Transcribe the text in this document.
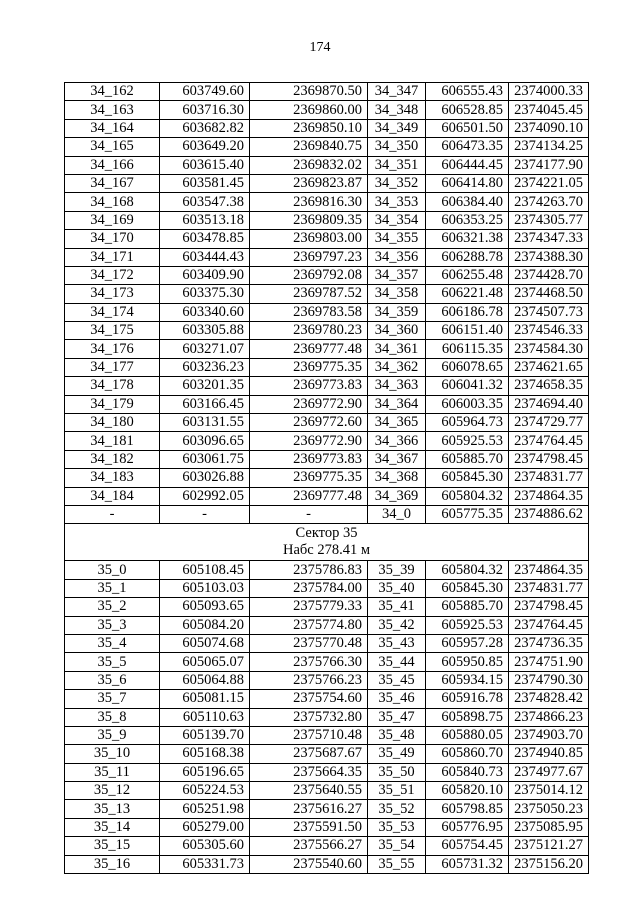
174
34_162	603749.60	2369870.50	34_347	606555.43	2374000.33
34_163	603716.30	2369860.00	34_348	606528.85	2374045.45
34_164	603682.82	2369850.10	34_349	606501.50	2374090.10
34_165	603649.20	2369840.75	34_350	606473.35	2374134.25
34_166	603615.40	2369832.02	34_351	606444.45	2374177.90
34_167	603581.45	2369823.87	34_352	606414.80	2374221.05
34_168	603547.38	2369816.30	34_353	606384.40	2374263.70
34_169	603513.18	2369809.35	34_354	606353.25	2374305.77
34_170	603478.85	2369803.00	34_355	606321.38	2374347.33
34_171	603444.43	2369797.23	34_356	606288.78	2374388.30
34_172	603409.90	2369792.08	34_357	606255.48	2374428.70
34_173	603375.30	2369787.52	34_358	606221.48	2374468.50
34_174	603340.60	2369783.58	34_359	606186.78	2374507.73
34_175	603305.88	2369780.23	34_360	606151.40	2374546.33
34_176	603271.07	2369777.48	34_361	606115.35	2374584.30
34_177	603236.23	2369775.35	34_362	606078.65	2374621.65
34_178	603201.35	2369773.83	34_363	606041.32	2374658.35
34_179	603166.45	2369772.90	34_364	606003.35	2374694.40
34_180	603131.55	2369772.60	34_365	605964.73	2374729.77
34_181	603096.65	2369772.90	34_366	605925.53	2374764.45
34_182	603061.75	2369773.83	34_367	605885.70	2374798.45
34_183	603026.88	2369775.35	34_368	605845.30	2374831.77
34_184	602992.05	2369777.48	34_369	605804.32	2374864.35
-	-	-	34_0	605775.35	2374886.62

Сектор 35
Набс 278.41 м					

35_0	605108.45	2375786.83	35_39	605804.32	2374864.35
35_1	605103.03	2375784.00	35_40	605845.30	2374831.77
35_2	605093.65	2375779.33	35_41	605885.70	2374798.45
35_3	605084.20	2375774.80	35_42	605925.53	2374764.45
35_4	605074.68	2375770.48	35_43	605957.28	2374736.35
35_5	605065.07	2375766.30	35_44	605950.85	2374751.90
35_6	605064.88	2375766.23	35_45	605934.15	2374790.30
35_7	605081.15	2375754.60	35_46	605916.78	2374828.42
35_8	605110.63	2375732.80	35_47	605898.75	2374866.23
35_9	605139.70	2375710.48	35_48	605880.05	2374903.70
35_10	605168.38	2375687.67	35_49	605860.70	2374940.85
35_11	605196.65	2375664.35	35_50	605840.73	2374977.67
35_12	605224.53	2375640.55	35_51	605820.10	2375014.12
35_13	605251.98	2375616.27	35_52	605798.85	2375050.23
35_14	605279.00	2375591.50	35_53	605776.95	2375085.95
35_15	605305.60	2375566.27	35_54	605754.45	2375121.27
35_16	605331.73	2375540.60	35_55	605731.32	2375156.20
